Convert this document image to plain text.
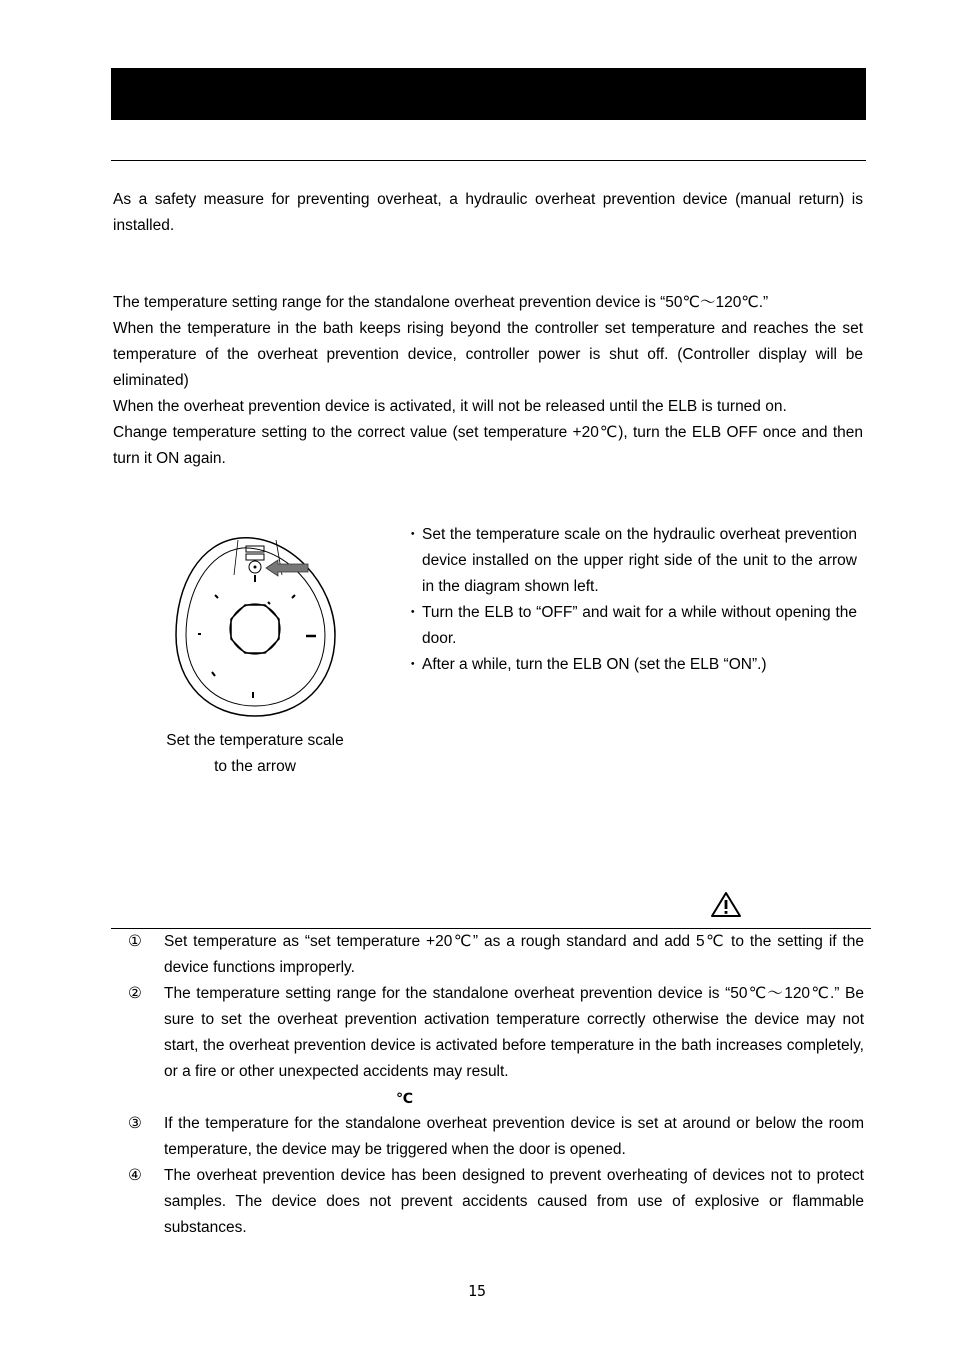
As a safety measure for preventing overheat, a hydraulic overheat prevention device (manual return) is installed.

The temperature setting range for the standalone overheat prevention device is “50℃～120℃.”

When the temperature in the bath keeps rising beyond the controller set temperature and reaches the set temperature of the overheat prevention device, controller power is shut off. (Controller display will be eliminated)

When the overheat prevention device is activated, it will not be released until the ELB is turned on.

Change temperature setting to the correct value (set temperature +20℃), turn the ELB OFF once and then turn it ON again.

Set the temperature scale
to the arrow
・ Set the temperature scale on the hydraulic overheat prevention device installed on the upper right side of the unit to the arrow in the diagram shown left.
・ Turn the ELB to “OFF” and wait for a while without opening the door.
・ After a while, turn the ELB ON (set the ELB “ON”.)
① Set temperature as “set temperature +20℃” as a rough standard and add 5℃ to the setting if the device functions improperly.
② The temperature setting range for the standalone overheat prevention device is “50℃～120℃.” Be sure to set the overheat prevention activation temperature correctly otherwise the device may not start, the overheat prevention device is activated before temperature in the bath increases completely, or a fire or other unexpected accidents may result.
℃
③ If the temperature for the standalone overheat prevention device is set at around or below the room temperature, the device may be triggered when the door is opened.
④ The overheat prevention device has been designed to prevent overheating of devices not to protect samples. The device does not prevent accidents caused from use of explosive or flammable substances.
15
